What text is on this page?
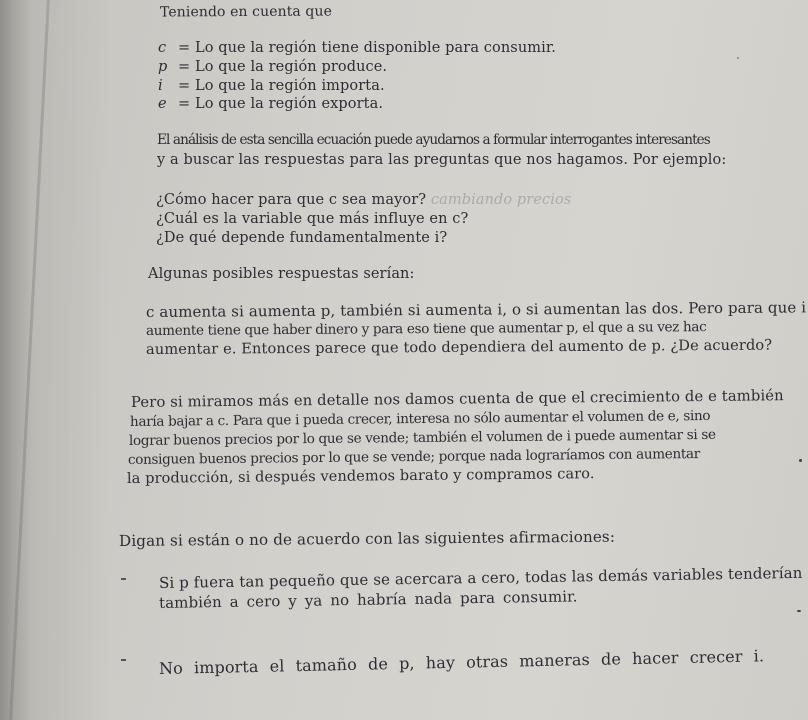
Teniendo en cuenta que
c = Lo que la región tiene disponible para consumir.
p = Lo que la región produce.
i = Lo que la región importa.
e = Lo que la región exporta.
El análisis de esta sencilla ecuación puede ayudarnos a formular interrogantes interesantes
y a buscar las respuestas para las preguntas que nos hagamos. Por ejemplo:
¿Cómo hacer para que c sea mayor? cambiando precios
¿Cuál es la variable que más influye en c?
¿De qué depende fundamentalmente i?
Algunas posibles respuestas serían:
c aumenta si aumenta p, también si aumenta i, o si aumentan las dos. Pero para que i
aumente tiene que haber dinero y para eso tiene que aumentar p, el que a su vez hac
aumentar e. Entonces parece que todo dependiera del aumento de p. ¿De acuerdo?
Pero si miramos más en detalle nos damos cuenta de que el crecimiento de e también
haría bajar a c. Para que i pueda crecer, interesa no sólo aumentar el volumen de e, sino
lograr buenos precios por lo que se vende; también el volumen de i puede aumentar si se
consiguen buenos precios por lo que se vende; porque nada lograríamos con aumentar
la producción, si después vendemos barato y compramos caro.
Digan si están o no de acuerdo con las siguientes afirmaciones:
Si p fuera tan pequeño que se acercara a cero, todas las demás variables tenderían
también a cero y ya no habría nada para consumir.
No importa el tamaño de p, hay otras maneras de hacer crecer i.
